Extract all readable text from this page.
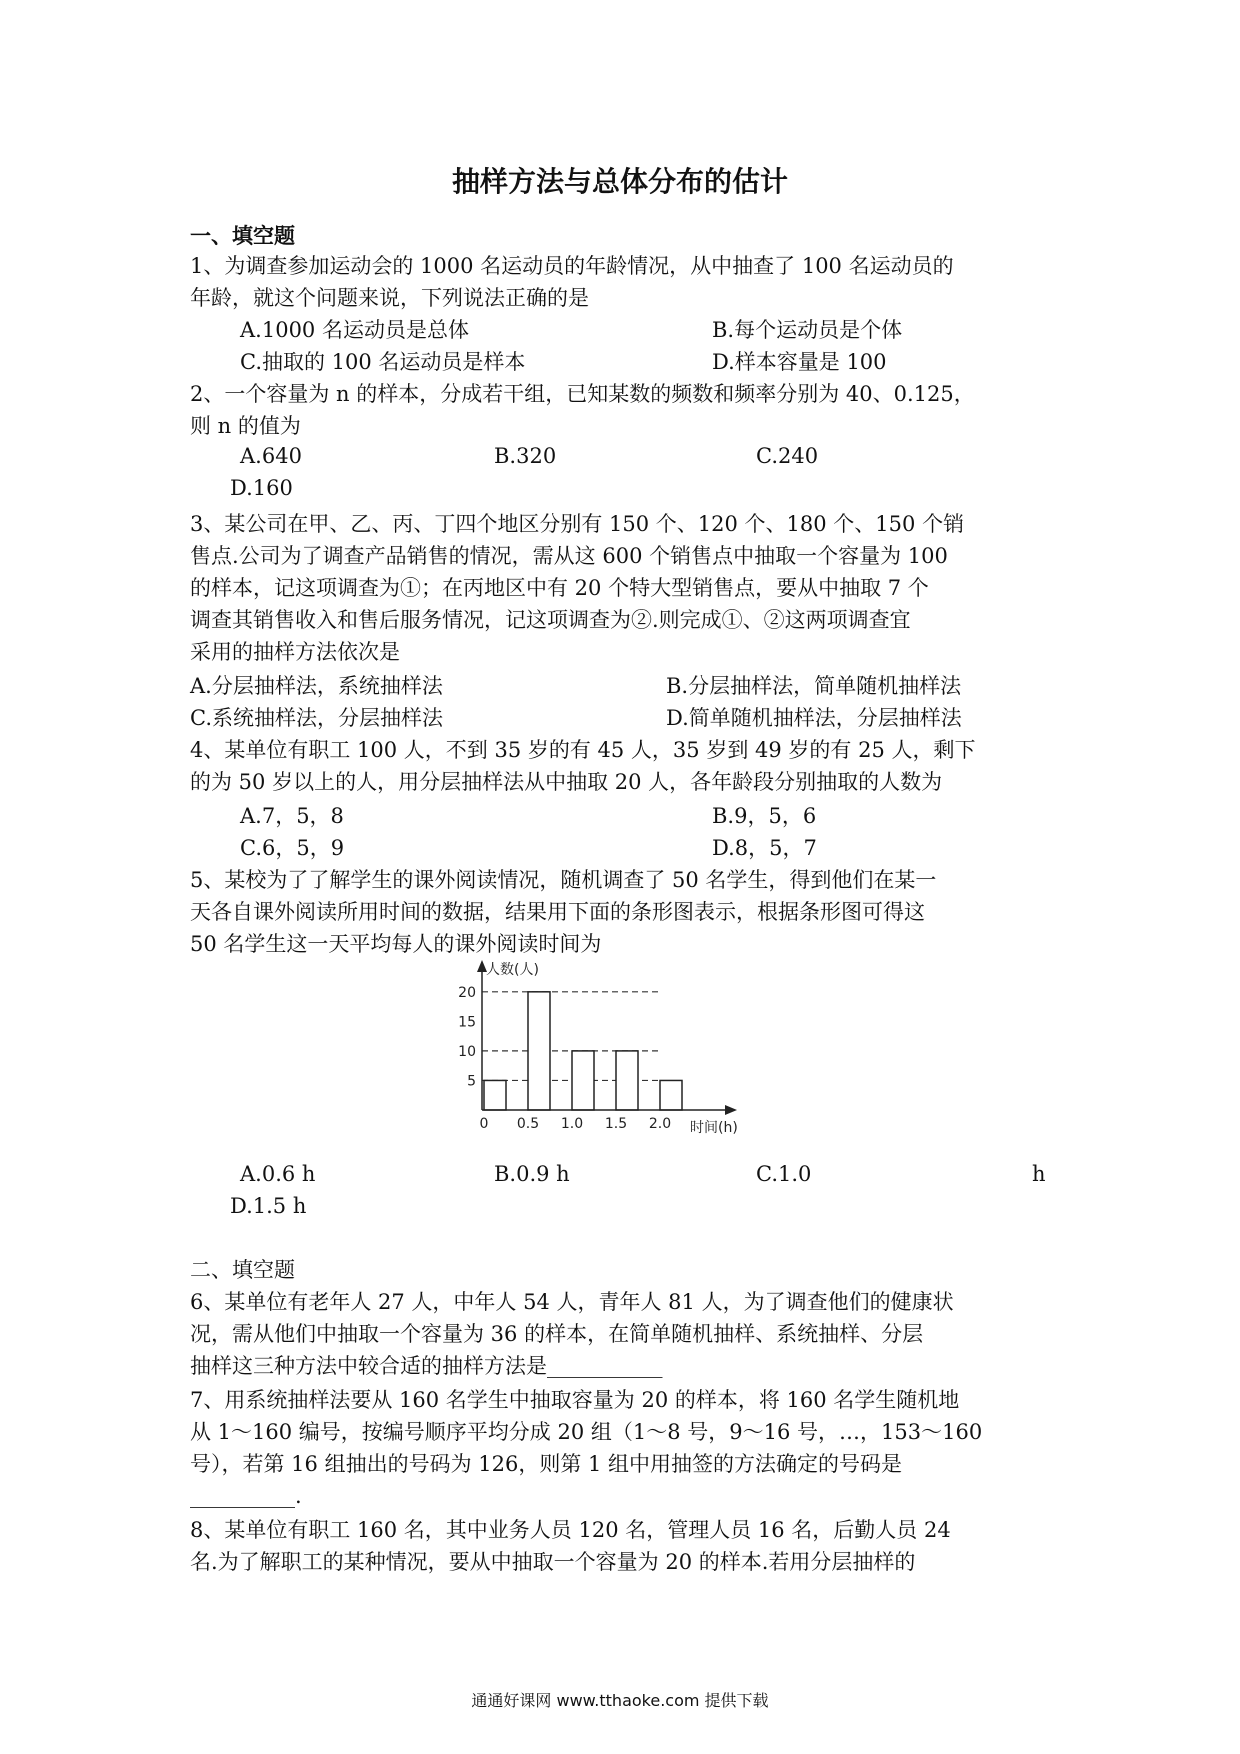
抽样方法与总体分布的估计
一、填空题
1、为调查参加运动会的 1000 名运动员的年龄情况，从中抽查了 100 名运动员的
年龄，就这个问题来说，下列说法正确的是
A.1000 名运动员是总体	B.每个运动员是个体
C.抽取的 100 名运动员是样本	D.样本容量是 100
2、一个容量为 n 的样本，分成若干组，已知某数的频数和频率分别为 40、0.125，
则 n 的值为
A.640	B.320	C.240
D.160
3、某公司在甲、乙、丙、丁四个地区分别有 150 个、120 个、180 个、150 个销
售点.公司为了调查产品销售的情况，需从这 600 个销售点中抽取一个容量为 100
的样本，记这项调查为①；在丙地区中有 20 个特大型销售点，要从中抽取 7 个
调查其销售收入和售后服务情况，记这项调查为②.则完成①、②这两项调查宜
采用的抽样方法依次是
A.分层抽样法，系统抽样法	B.分层抽样法，简单随机抽样法
C.系统抽样法，分层抽样法	D.简单随机抽样法，分层抽样法
4、某单位有职工 100 人，不到 35 岁的有 45 人，35 岁到 49 岁的有 25 人，剩下
的为 50 岁以上的人，用分层抽样法从中抽取 20 人，各年龄段分别抽取的人数为
A.7，5，8	B.9，5，6
C.6，5，9	D.8，5，7
5、某校为了了解学生的课外阅读情况，随机调查了 50 名学生，得到他们在某一
天各自课外阅读所用时间的数据，结果用下面的条形图表示，根据条形图可得这
50 名学生这一天平均每人的课外阅读时间为
5
10
15
20
0 0.5 1.0 1.5 2.0
人数(人)
时间(h)
A.0.6 h	B.0.9 h	C.1.0	h
D.1.5 h
二、填空题
6、某单位有老年人 27 人，中年人 54 人，青年人 81 人，为了调查他们的健康状
况，需从他们中抽取一个容量为 36 的样本，在简单随机抽样、系统抽样、分层
抽样这三种方法中较合适的抽样方法是___________
7、用系统抽样法要从 160 名学生中抽取容量为 20 的样本，将 160 名学生随机地
从 1～160 编号，按编号顺序平均分成 20 组（1～8 号，9～16 号，…，153～160
号），若第 16 组抽出的号码为 126，则第 1 组中用抽签的方法确定的号码是
__________.
8、某单位有职工 160 名，其中业务人员 120 名，管理人员 16 名，后勤人员 24
名.为了解职工的某种情况，要从中抽取一个容量为 20 的样本.若用分层抽样的
通通好课网 www.tthaoke.com 提供下载
